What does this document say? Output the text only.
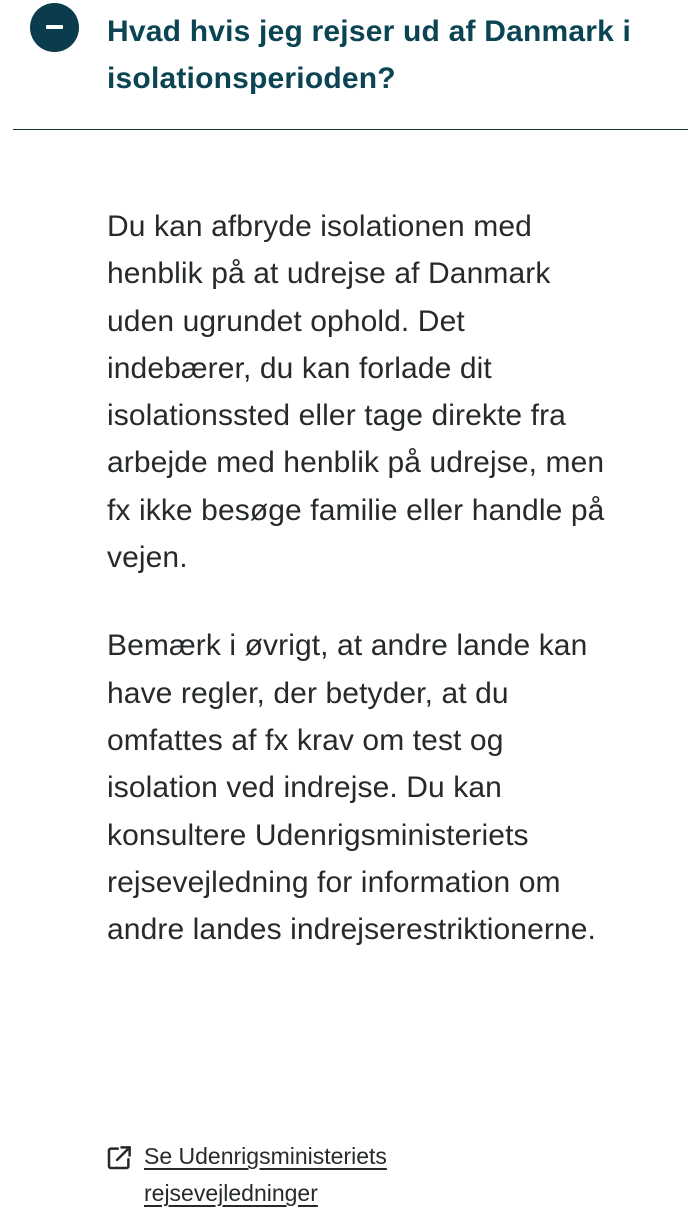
Hvad hvis jeg rejser ud af Danmark i isolationsperioden?

Du kan afbryde isolationen med henblik på at udrejse af Danmark uden ugrundet ophold. Det indebærer, du kan forlade dit isolationssted eller tage direkte fra arbejde med henblik på udrejse, men fx ikke besøge familie eller handle på vejen.

Bemærk i øvrigt, at andre lande kan have regler, der betyder, at du omfattes af fx krav om test og isolation ved indrejse. Du kan konsultere Udenrigsministeriets rejsevejledning for information om andre landes indrejserestriktionerne.

Se Udenrigsministeriets rejsevejledninger
